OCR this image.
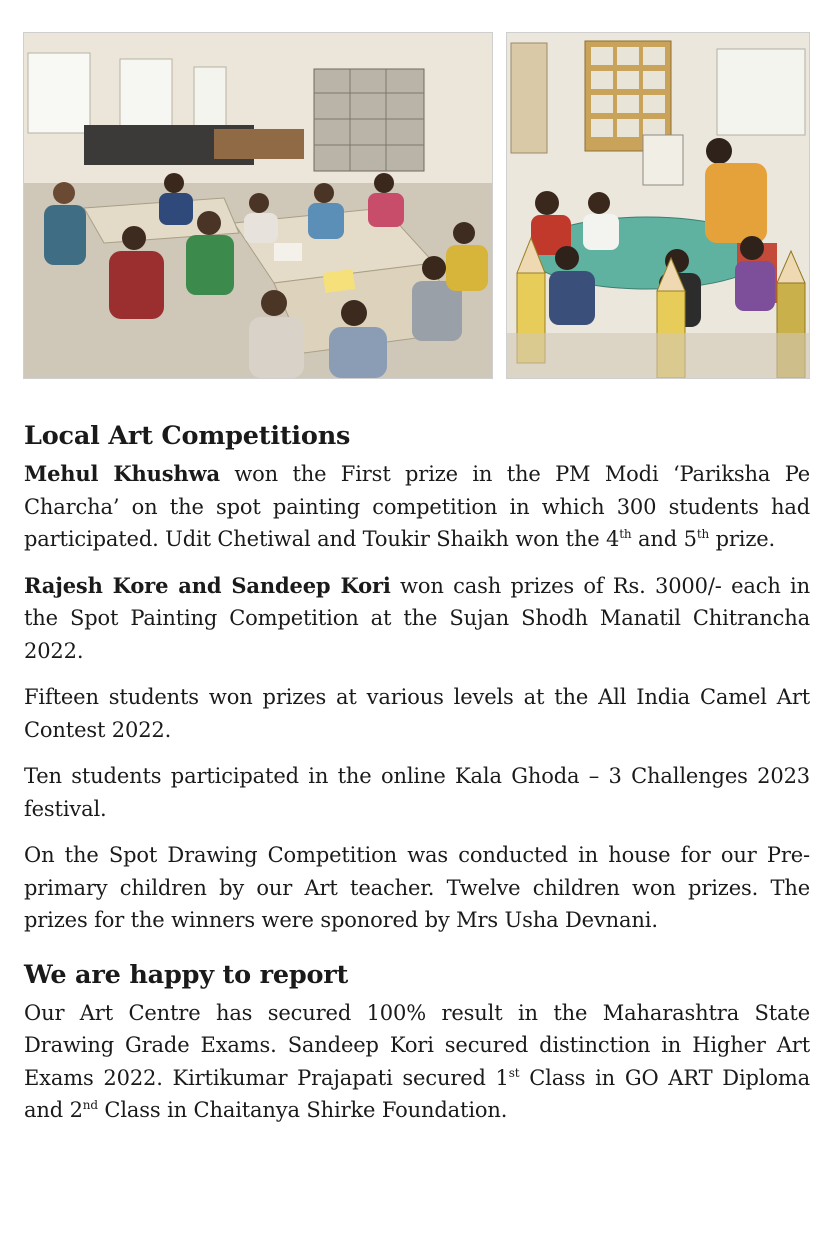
Local Art Competitions

Mehul Khushwa won the First prize in the PM Modi ‘Pariksha Pe Charcha’ on the spot painting competition in which 300 students had participated. Udit Chetiwal and Toukir Shaikh won the 4th and 5th prize.

Rajesh Kore and Sandeep Kori won cash prizes of Rs. 3000/- each in the Spot Painting Competition at the Sujan Shodh Manatil Chitrancha 2022.

Fifteen students won prizes at various levels at the All India Camel Art Contest 2022.

Ten students participated in the online Kala Ghoda – 3 Challenges 2023 festival.

On the Spot Drawing Competition was conducted in house for our Pre-primary children by our Art teacher. Twelve children won prizes. The prizes for the winners were sponored by Mrs Usha Devnani.

We are happy to report

Our Art Centre has secured 100% result in the Maharashtra State Drawing Grade Exams. Sandeep Kori secured distinction in Higher Art Exams 2022. Kirtikumar Prajapati secured 1st Class in GO ART Diploma and 2nd Class in Chaitanya Shirke Foundation.
